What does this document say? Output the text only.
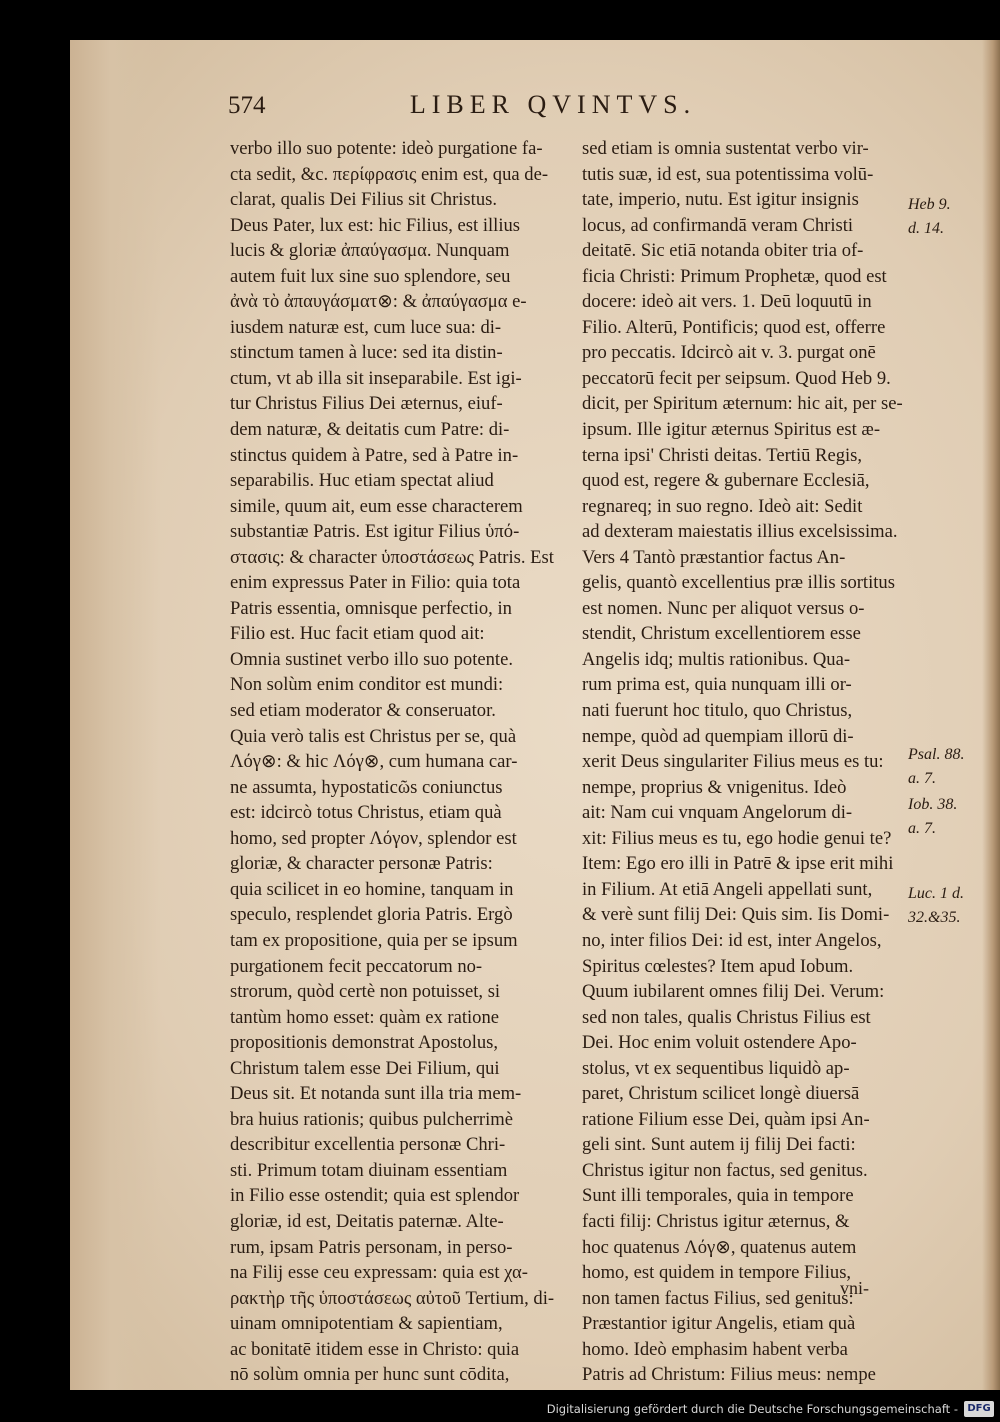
574	LIBER QVINTVS.
verbo illo suo potente: ideò purgatione fa-
cta sedit, &c. περίφρασις enim est, qua de-
clarat, qualis Dei Filius sit Christus.
Deus Pater, lux est: hic Filius, est illius
lucis & gloriæ ἀπαύγασμα. Nunquam
autem fuit lux sine suo splendore, seu
ἀνὰ τὸ ἀπαυγάσματ⊗: & ἀπαύγασμα e-
iusdem naturæ est, cum luce sua: di-
stinctum tamen à luce: sed ita distin-
ctum, vt ab illa sit inseparabile. Est igi-
tur Christus Filius Dei æternus, eiuf-
dem naturæ, & deitatis cum Patre: di-
stinctus quidem à Patre, sed à Patre in-
separabilis. Huc etiam spectat aliud
simile, quum ait, eum esse characterem
substantiæ Patris. Est igitur Filius ὑπό-
στασις: & character ὑποστάσεως Patris. Est
enim expressus Pater in Filio: quia tota
Patris essentia, omnisque perfectio, in
Filio est. Huc facit etiam quod ait:
Omnia sustinet verbo illo suo potente.
Non solùm enim conditor est mundi:
sed etiam moderator & conseruator.
Quia verò talis est Christus per se, quà
Λόγ⊗: & hic Λόγ⊗, cum humana car-
ne assumta, hypostaticῶs coniunctus
est: idcircò totus Christus, etiam quà
homo, sed propter Λόγον, splendor est
gloriæ, & character personæ Patris:
quia scilicet in eo homine, tanquam in
speculo, resplendet gloria Patris. Ergò
tam ex propositione, quia per se ipsum
purgationem fecit peccatorum no-
strorum, quòd certè non potuisset, si
tantùm homo esset: quàm ex ratione
propositionis demonstrat Apostolus,
Christum talem esse Dei Filium, qui
Deus sit. Et notanda sunt illa tria mem-
bra huius rationis; quibus pulcherrimè
describitur excellentia personæ Chri-
sti. Primum totam diuinam essentiam
in Filio esse ostendit; quia est splendor
gloriæ, id est, Deitatis paternæ. Alte-
rum, ipsam Patris personam, in perso-
na Filij esse ceu expressam: quia est χα-
ρακτὴρ τῆς ὑποστάσεως αὐτοῦ Tertium, di-
uinam omnipotentiam & sapientiam,
ac bonitatē itidem esse in Christo: quia
nō solùm omnia per hunc sunt cōdita,
sed etiam is omnia sustentat verbo vir-
tutis suæ, id est, sua potentissima volū-
tate, imperio, nutu. Est igitur insignis
locus, ad confirmandā veram Christi
deitatē. Sic etiā notanda obiter tria of-
ficia Christi: Primum Prophetæ, quod est
docere: ideò ait vers. 1. Deū loquutū in
Filio. Alterū, Pontificis; quod est, offerre
pro peccatis. Idcircò ait v. 3. purgat onē
peccatorū fecit per seipsum. Quod Heb 9.
dicit, per Spiritum æternum: hic ait, per se-
ipsum. Ille igitur æternus Spiritus est æ-
terna ipsi' Christi deitas. Tertiū Regis,
quod est, regere & gubernare Ecclesiā,
regnareq; in suo regno. Ideò ait: Sedit
ad dexteram maiestatis illius excelsissima.
Vers 4 Tantò præstantior factus An-
gelis, quantò excellentius præ illis sortitus
est nomen. Nunc per aliquot versus o-
stendit, Christum excellentiorem esse
Angelis idq; multis rationibus. Qua-
rum prima est, quia nunquam illi or-
nati fuerunt hoc titulo, quo Christus,
nempe, quòd ad quempiam illorū di-
xerit Deus singulariter Filius meus es tu:
nempe, proprius & vnigenitus. Ideò
ait: Nam cui vnquam Angelorum di-
xit: Filius meus es tu, ego hodie genui te?
Item: Ego ero illi in Patrē & ipse erit mihi
in Filium. At etiā Angeli appellati sunt,
& verè sunt filij Dei: Quis sim. Iis Domi-
no, inter filios Dei: id est, inter Angelos,
Spiritus cœlestes? Item apud Iobum.
Quum iubilarent omnes filij Dei. Verum:
sed non tales, qualis Christus Filius est
Dei. Hoc enim voluit ostendere Apo-
stolus, vt ex sequentibus liquidò ap-
paret, Christum scilicet longè diuersā
ratione Filium esse Dei, quàm ipsi An-
geli sint. Sunt autem ij filij Dei facti:
Christus igitur non factus, sed genitus.
Sunt illi temporales, quia in tempore
facti filij: Christus igitur æternus, &
hoc quatenus Λόγ⊗, quatenus autem
homo, est quidem in tempore Filius,
non tamen factus Filius, sed genitus:
Præstantior igitur Angelis, etiam quà
homo. Ideò emphasim habent verba
Patris ad Christum: Filius meus: nempe
Heb 9.
d. 14.
Psal. 88.
a. 7.
Iob. 38.
a. 7.
Luc. 1 d.
32.&35.
vni-
Digitalisierung gefördert durch die Deutsche Forschungsgemeinschaft - DFG
